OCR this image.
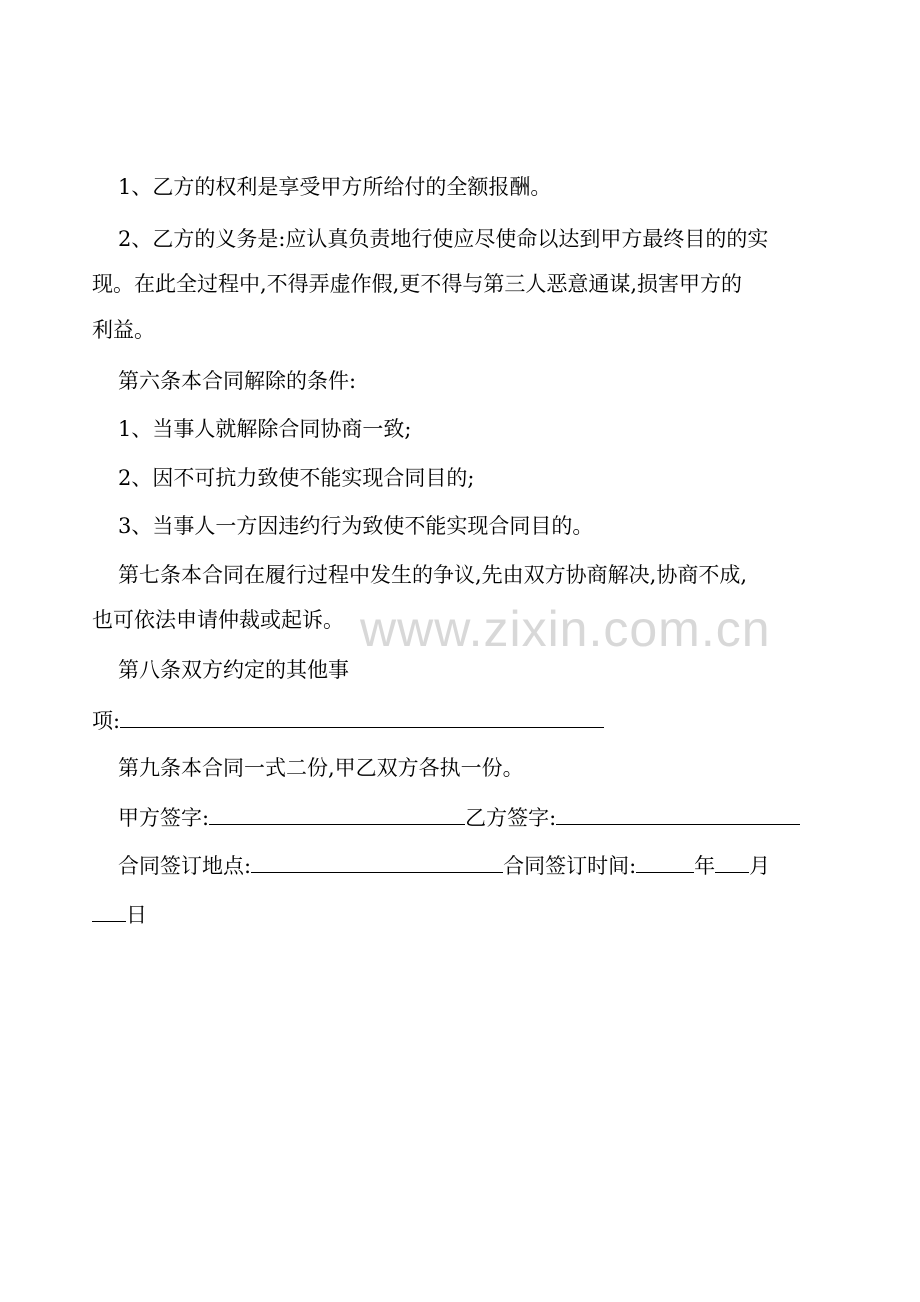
1、乙方的权利是享受甲方所给付的全额报酬。
2、乙方的义务是:应认真负责地行使应尽使命以达到甲方最终目的的实
现。在此全过程中,不得弄虚作假,更不得与第三人恶意通谋,损害甲方的
利益。
第六条本合同解除的条件:
1、当事人就解除合同协商一致;
2、因不可抗力致使不能实现合同目的;
3、当事人一方因违约行为致使不能实现合同目的。
第七条本合同在履行过程中发生的争议,先由双方协商解决,协商不成,
也可依法申请仲裁或起诉。
第八条双方约定的其他事
项:
第九条本合同一式二份,甲乙双方各执一份。
甲方签字:	乙方签字:
合同签订地点:	合同签订时间:	年 月
日
www.zixin.com.cn
